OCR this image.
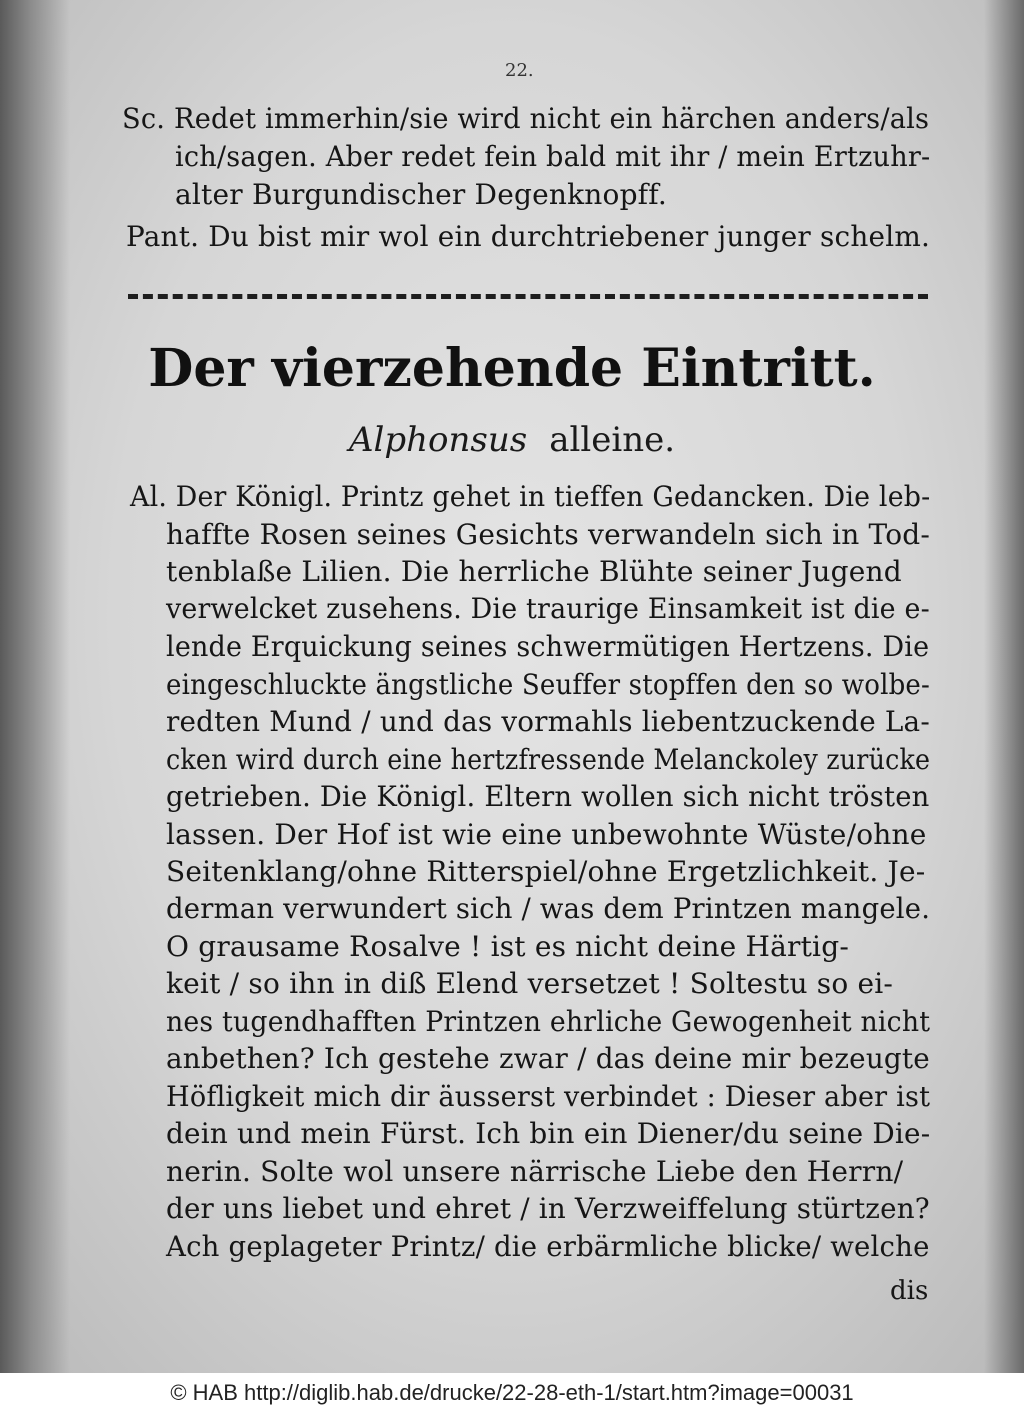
22.
Sc. Redet immerhin/sie wird nicht ein härchen anders/als
ich/sagen. Aber redet fein bald mit ihr / mein Ertzuhr-
alter Burgundischer Degenknopff.
Pant. Du bist mir wol ein durchtriebener junger schelm.
Der vierzehende Eintritt.
Alphonsus alleine.
Al. Der Königl. Printz gehet in tieffen Gedancken. Die leb-
haffte Rosen seines Gesichts verwandeln sich in Tod-
tenblaße Lilien. Die herrliche Blühte seiner Jugend
verwelcket zusehens. Die traurige Einsamkeit ist die e-
lende Erquickung seines schwermütigen Hertzens. Die
eingeschluckte ängstliche Seuffer stopffen den so wolbe-
redten Mund / und das vormahls liebentzuckende La-
cken wird durch eine hertzfressende Melanckoley zurücke
getrieben. Die Königl. Eltern wollen sich nicht trösten
lassen. Der Hof ist wie eine unbewohnte Wüste/ohne
Seitenklang/ohne Ritterspiel/ohne Ergetzlichkeit. Je-
derman verwundert sich / was dem Printzen mangele.
O grausame Rosalve ! ist es nicht deine Härtig-
keit / so ihn in diß Elend versetzet ! Soltestu so ei-
nes tugendhafften Printzen ehrliche Gewogenheit nicht
anbethen? Ich gestehe zwar / das deine mir bezeugte
Höfligkeit mich dir äusserst verbindet : Dieser aber ist
dein und mein Fürst. Ich bin ein Diener/du seine Die-
nerin. Solte wol unsere närrische Liebe den Herrn/
der uns liebet und ehret / in Verzweiffelung stürtzen?
Ach geplageter Printz/ die erbärmliche blicke/ welche
dis
© HAB http://diglib.hab.de/drucke/22-28-eth-1/start.htm?image=00031
